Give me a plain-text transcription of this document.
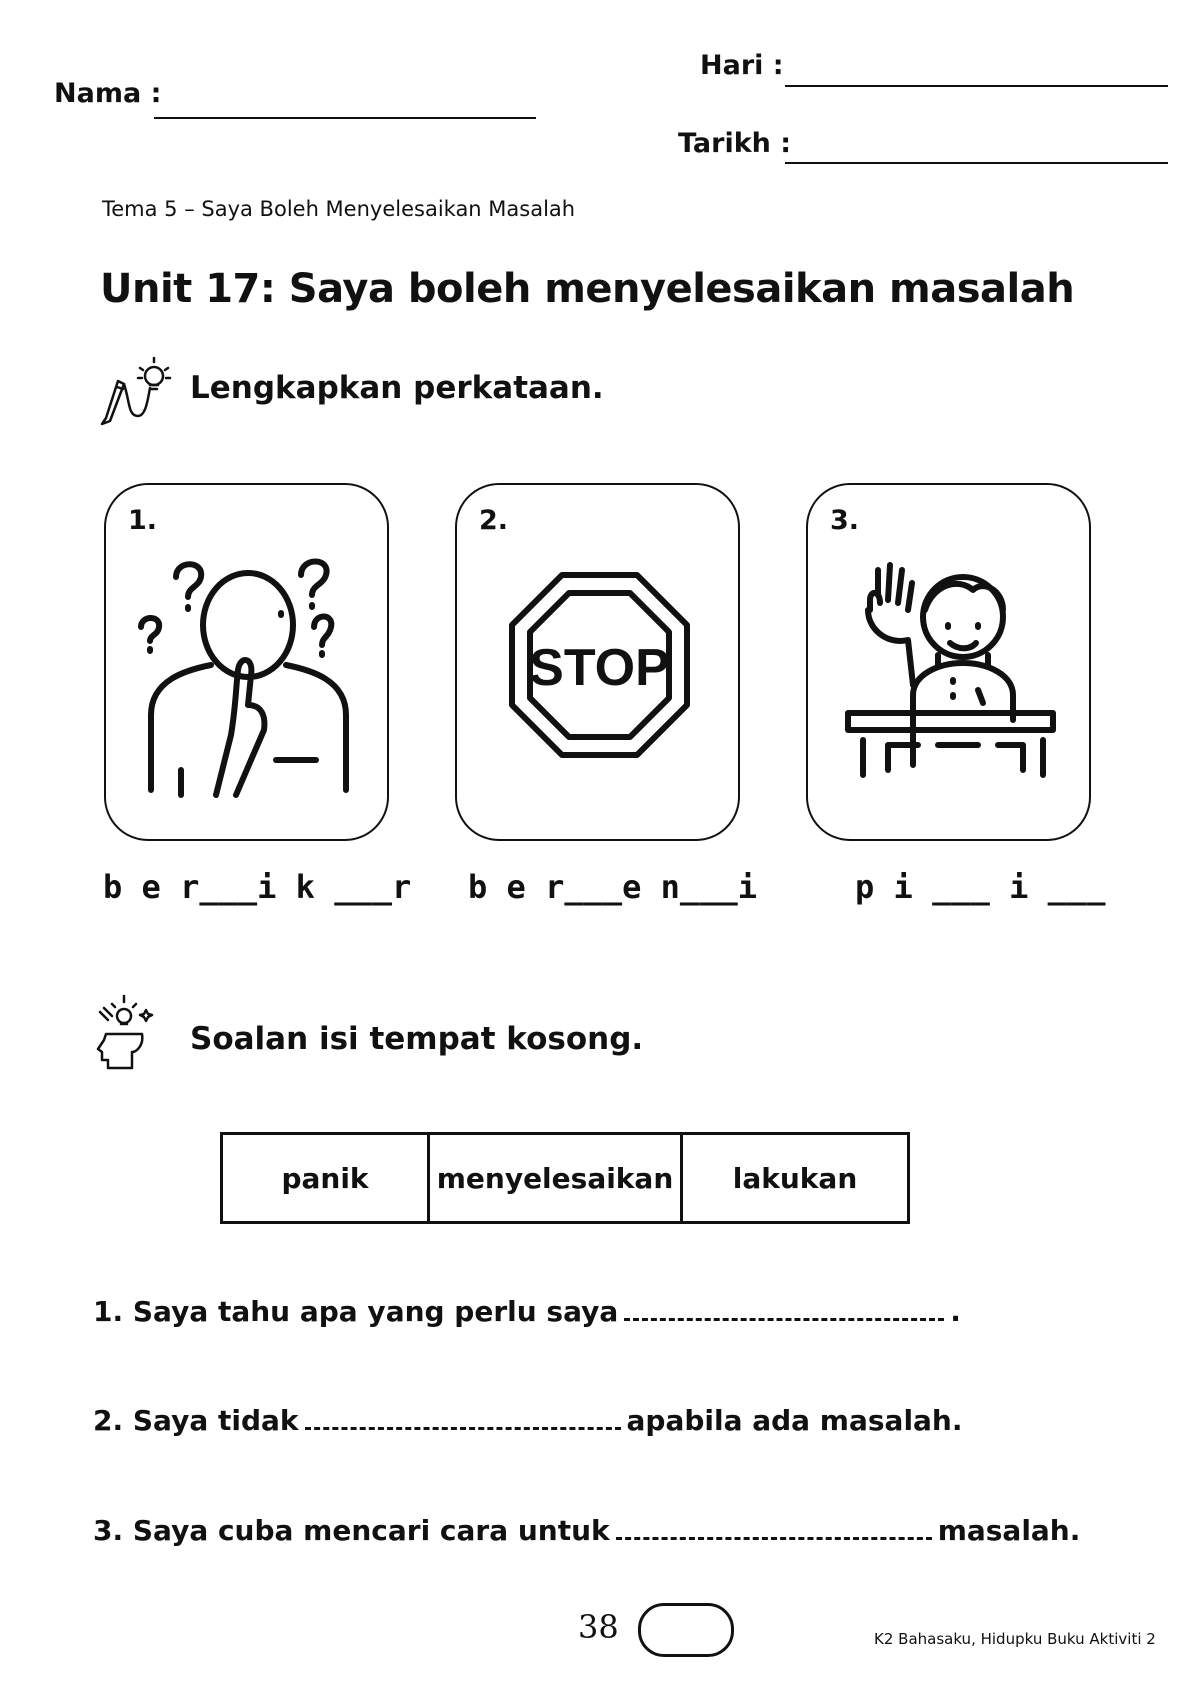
Hari :
Nama :
Tarikh :
Tema 5 – Saya Boleh Menyelesaikan Masalah
Unit 17: Saya boleh menyelesaikan masalah
Lengkapkan perkataan.
1.	2.
STOP
3.
b e r___i k ___r b e r___e n___i	p i ___ i ___
Soalan isi tempat kosong.
panik	menyelesaikan	lakukan
1. Saya tahu apa yang perlu saya	.
2. Saya tidak	apabila ada masalah.
3. Saya cuba mencari cara untuk	masalah.
38	K2 Bahasaku, Hidupku Buku Aktiviti 2
